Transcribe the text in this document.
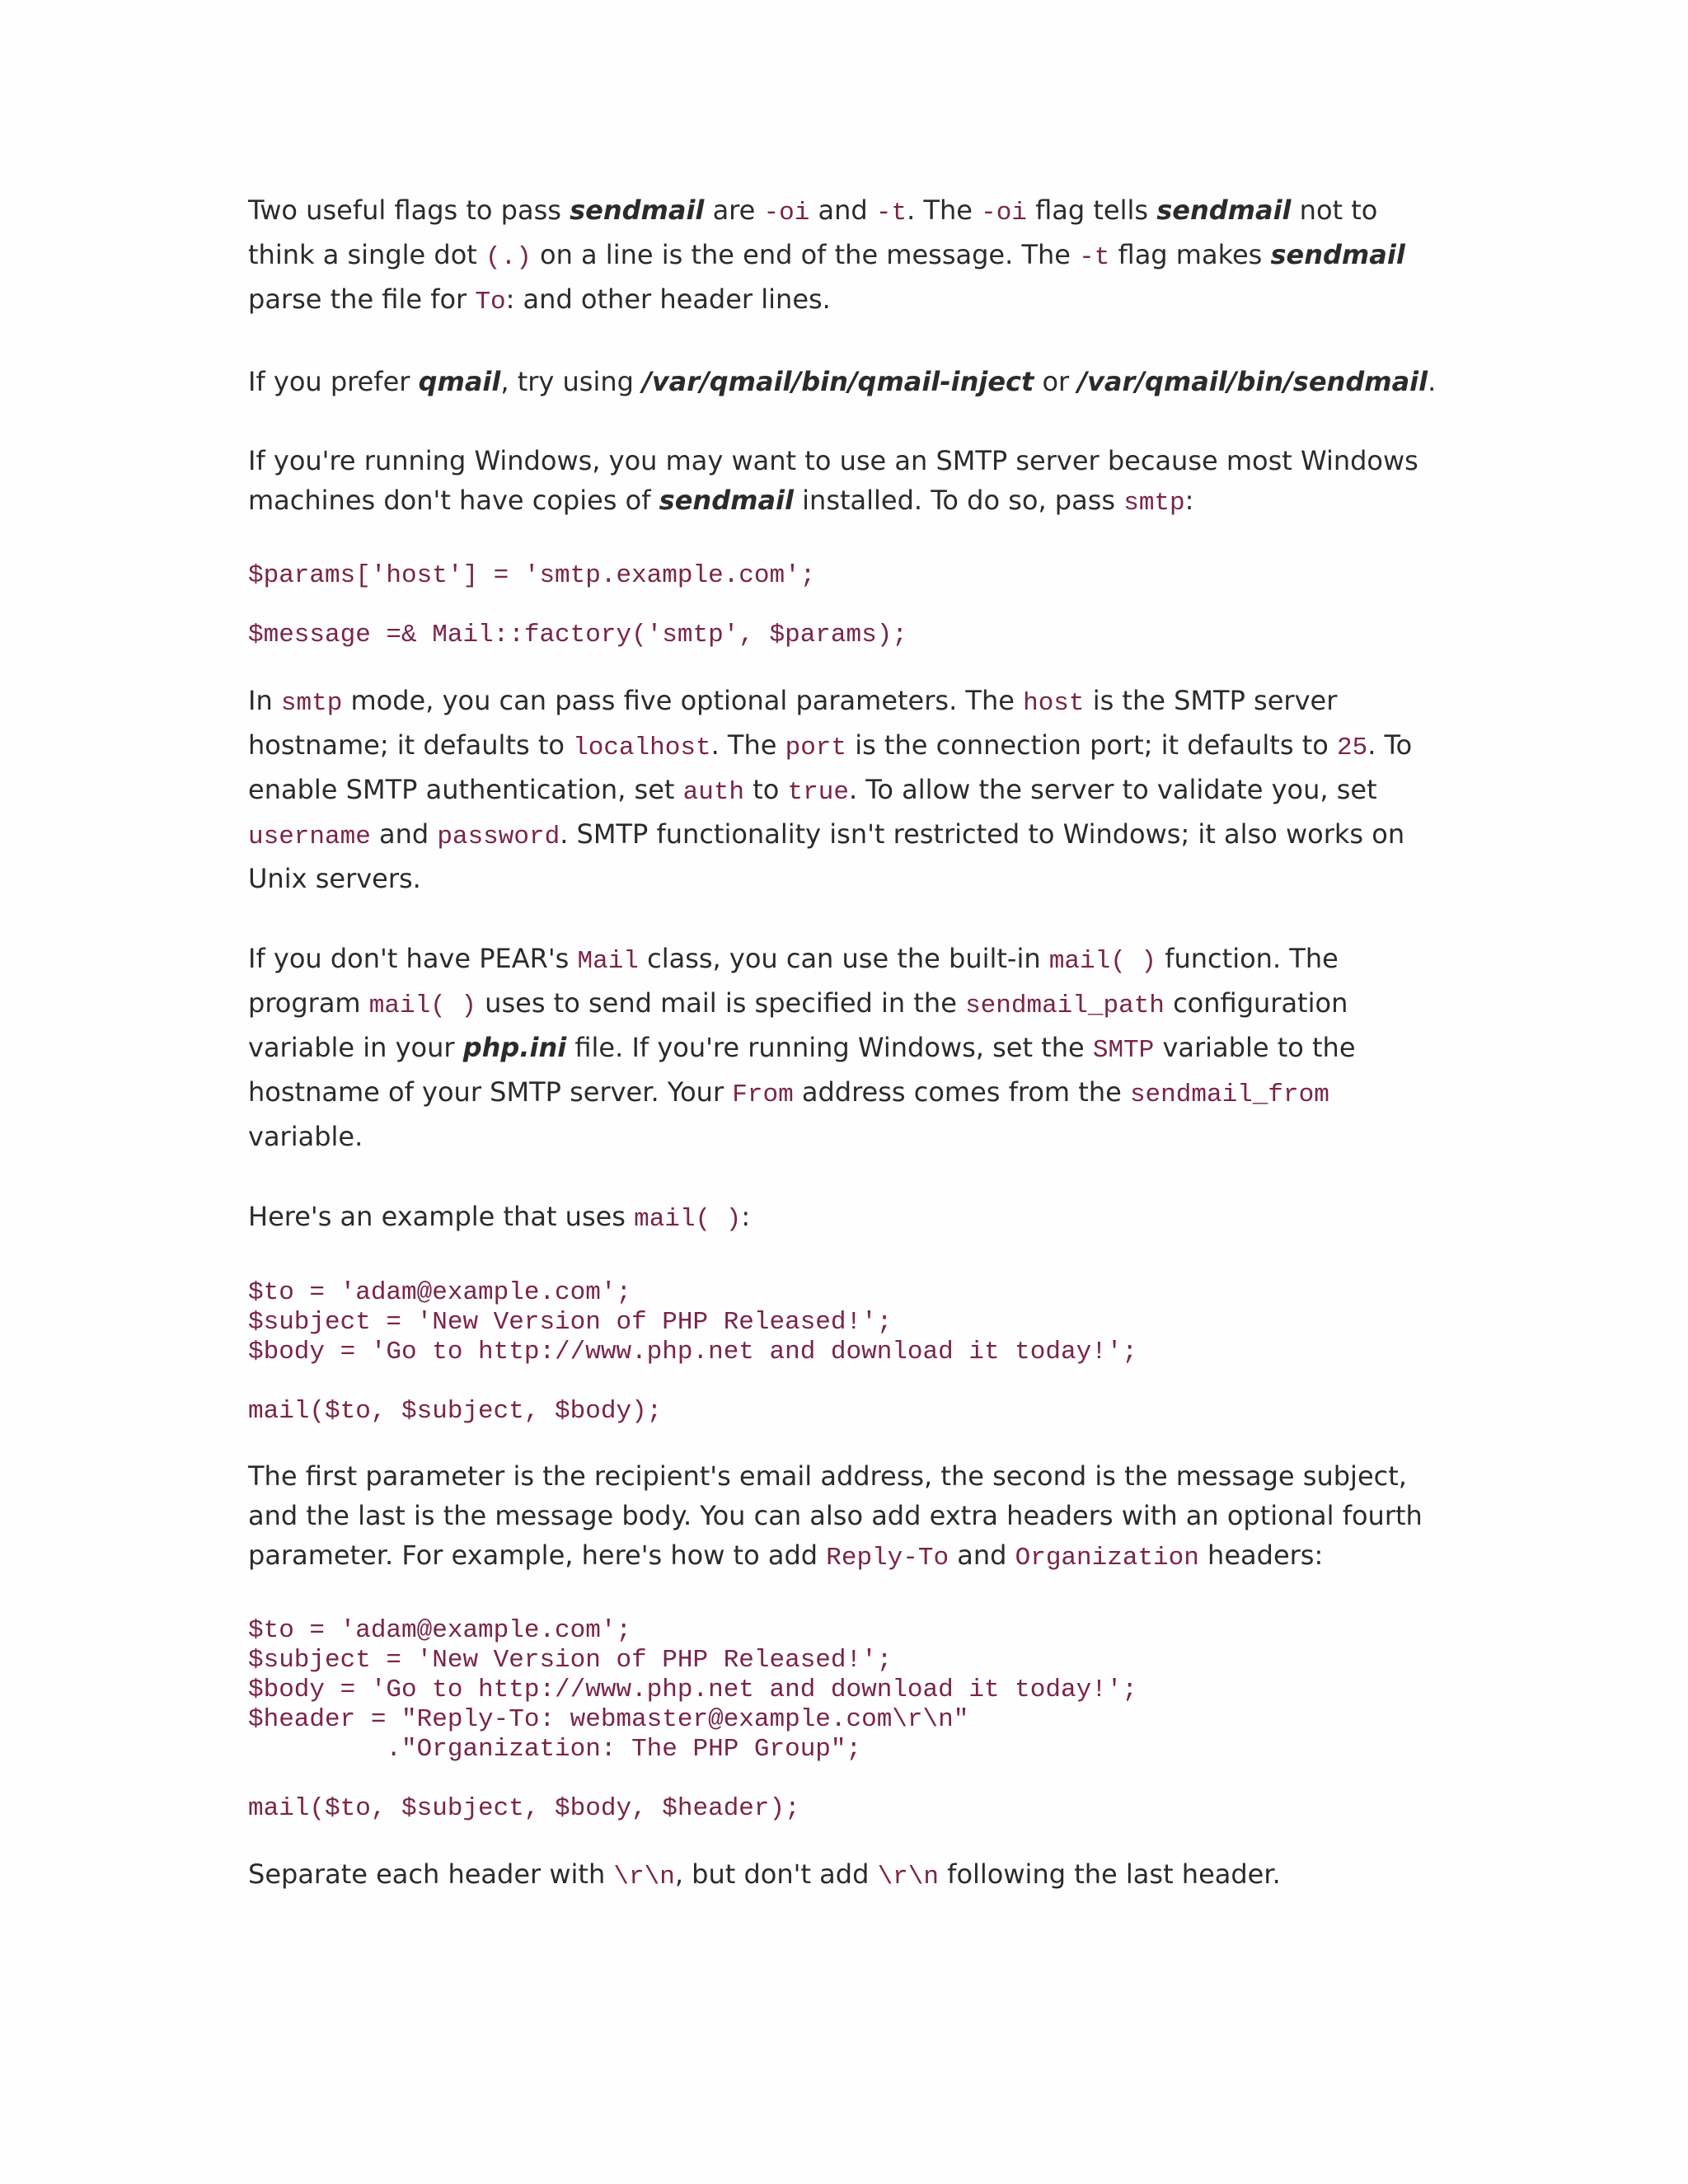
Two useful flags to pass sendmail are -oi and -t. The -oi flag tells sendmail not to think a single dot (.) on a line is the end of the message. The -t flag makes sendmail parse the file for To: and other header lines.

If you prefer qmail, try using /var/qmail/bin/qmail-inject or /var/qmail/bin/sendmail.

If you're running Windows, you may want to use an SMTP server because most Windows machines don't have copies of sendmail installed. To do so, pass smtp:

$params['host'] = 'smtp.example.com';
$message =& Mail::factory('smtp', $params);

In smtp mode, you can pass five optional parameters. The host is the SMTP server hostname; it defaults to localhost. The port is the connection port; it defaults to 25. To enable SMTP authentication, set auth to true. To allow the server to validate you, set username and password. SMTP functionality isn't restricted to Windows; it also works on Unix servers.

If you don't have PEAR's Mail class, you can use the built-in mail( ) function. The program mail( ) uses to send mail is specified in the sendmail_path configuration variable in your php.ini file. If you're running Windows, set the SMTP variable to the hostname of your SMTP server. Your From address comes from the sendmail_from variable.

Here's an example that uses mail( ):

$to = 'adam@example.com';
$subject = 'New Version of PHP Released!';
$body = 'Go to http://www.php.net and download it today!';
mail($to, $subject, $body);

The first parameter is the recipient's email address, the second is the message subject, and the last is the message body. You can also add extra headers with an optional fourth parameter. For example, here's how to add Reply-To and Organization headers:

$to = 'adam@example.com';
$subject = 'New Version of PHP Released!';
$body = 'Go to http://www.php.net and download it today!';
$header = "Reply-To: webmaster@example.com\r\n"
."Organization: The PHP Group";
mail($to, $subject, $body, $header);

Separate each header with \r\n, but don't add \r\n following the last header.
